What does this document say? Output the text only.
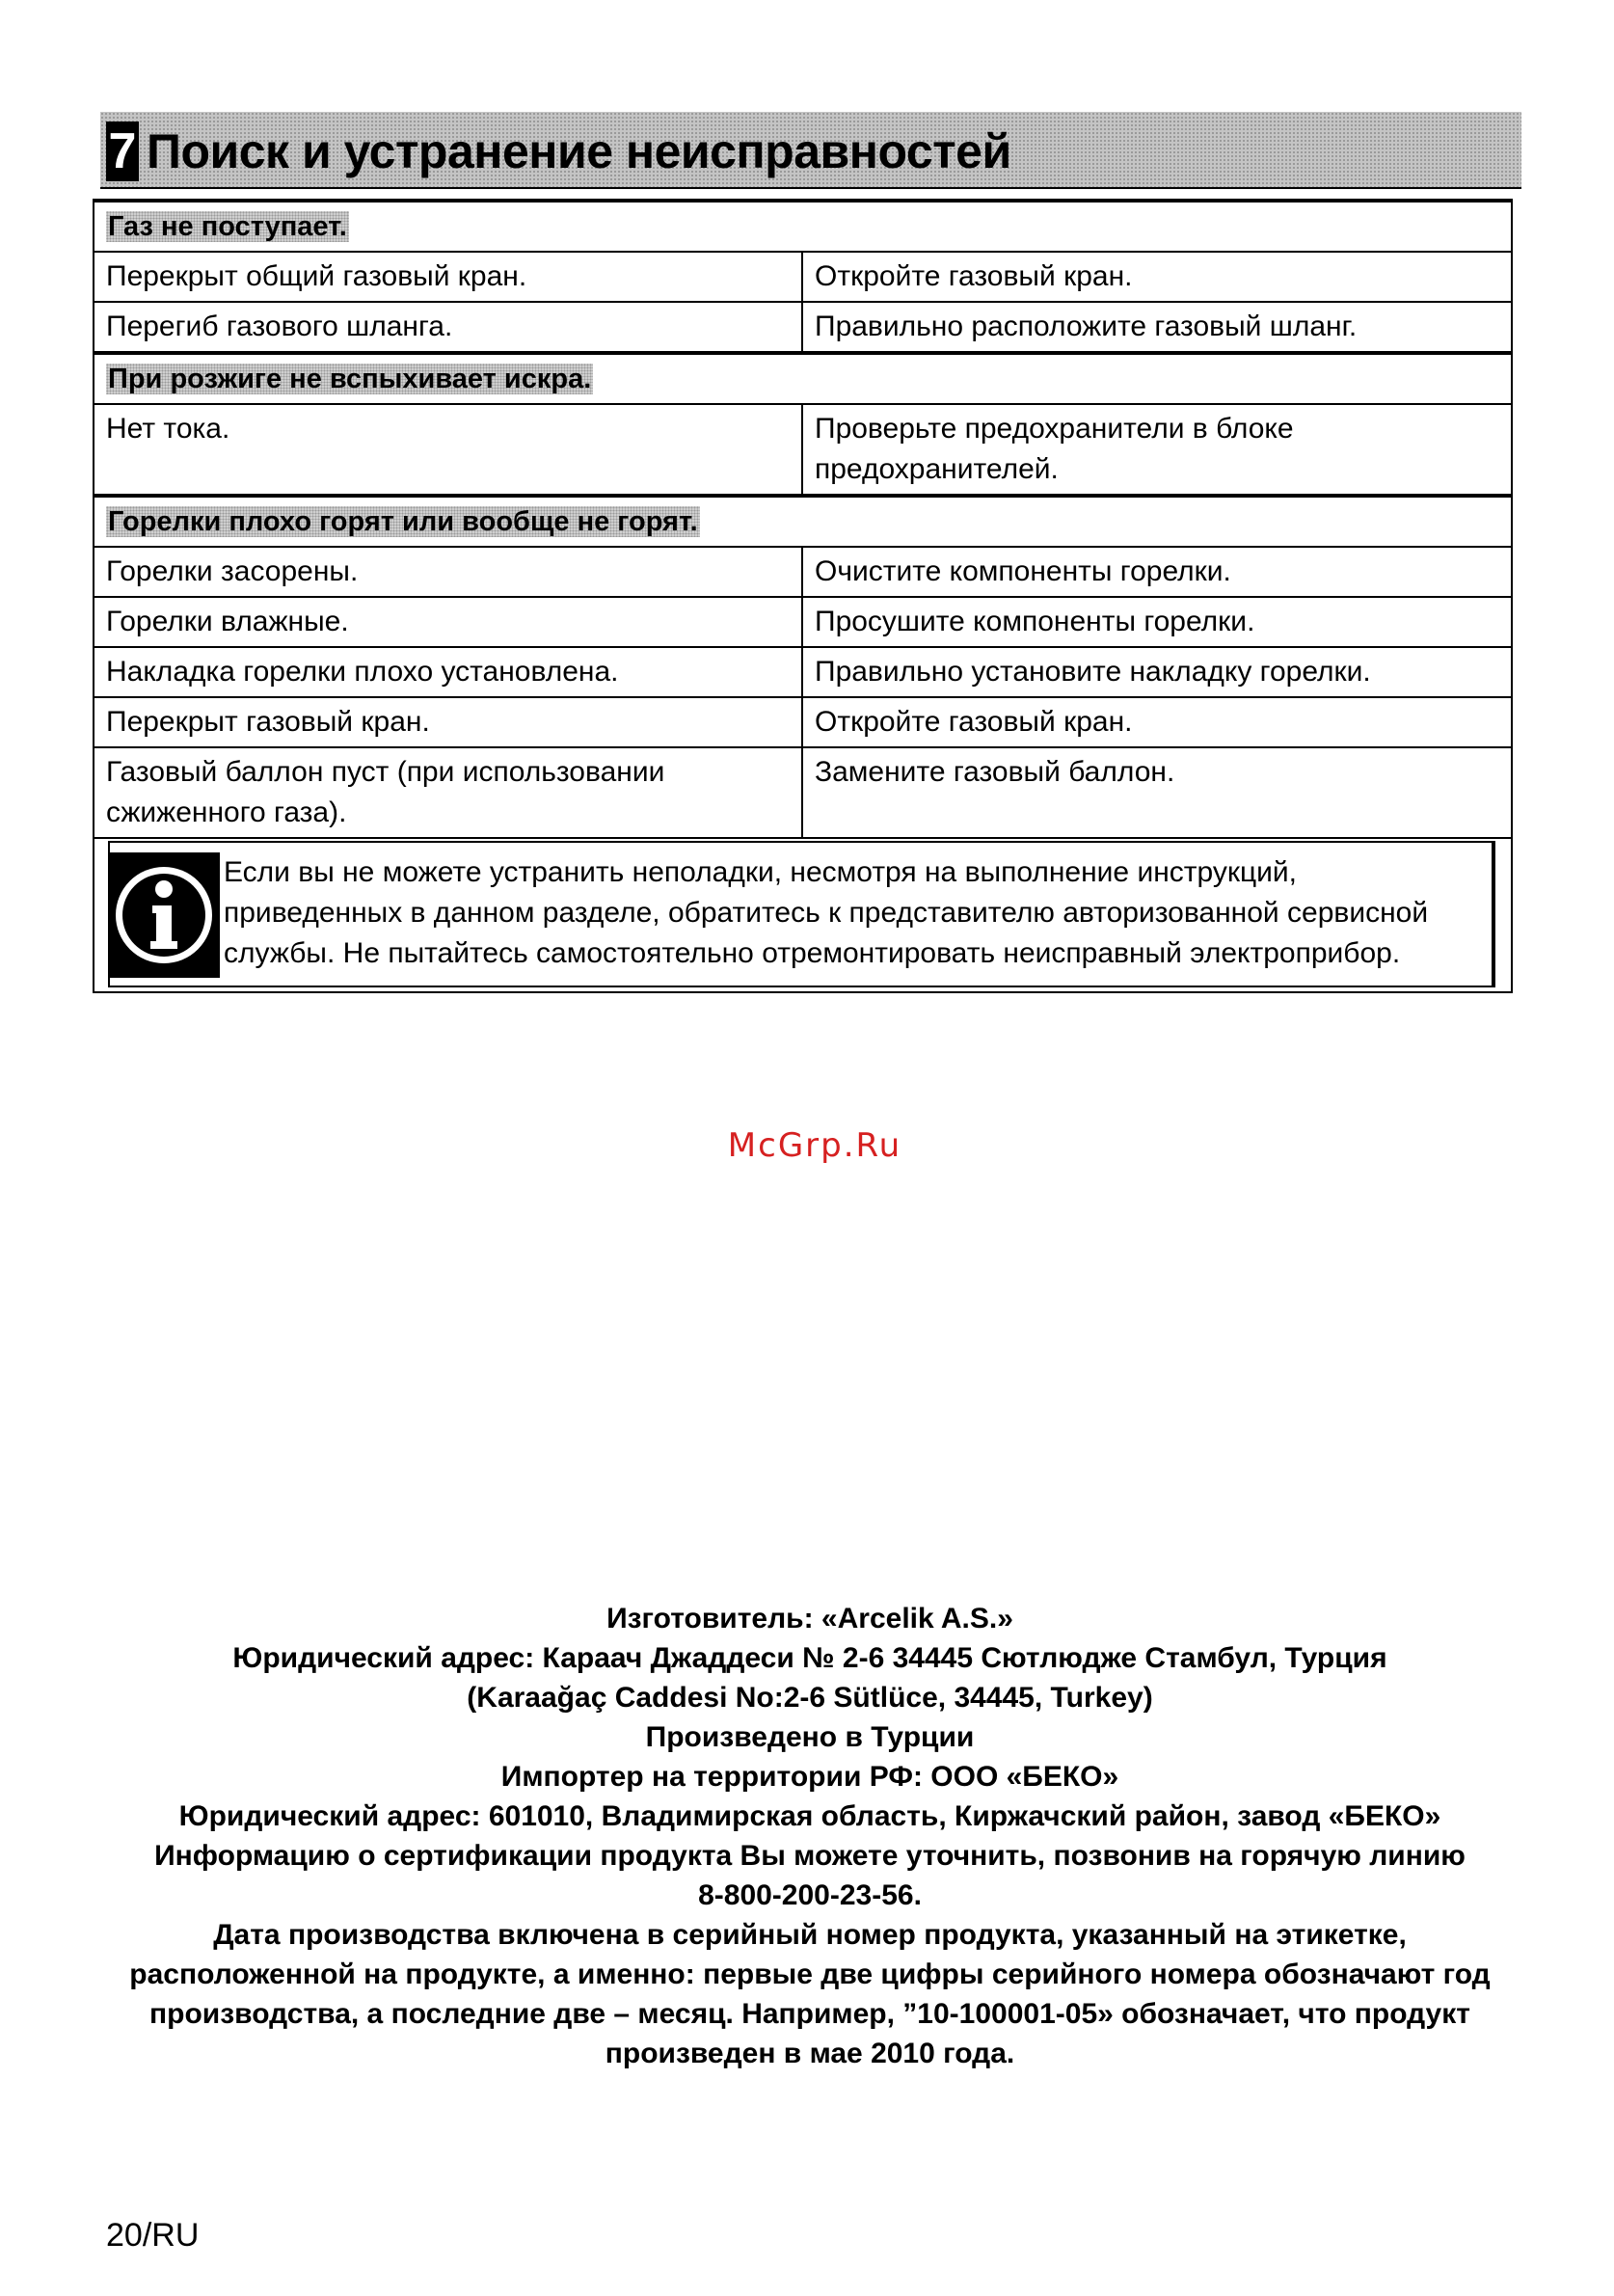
7 Поиск и устранение неисправностей
Газ не поступает.	
Перекрыт общий газовый кран.	Откройте газовый кран.
Перегиб газового шланга.	Правильно расположите газовый шланг.
При розжиге не вспыхивает искра.	
Нет тока.	Проверьте предохранители в блоке предохранителей.
Горелки плохо горят или вообще не горят.	
Горелки засорены.	Очистите компоненты горелки.
Горелки влажные.	Просушите компоненты горелки.
Накладка горелки плохо установлена.	Правильно установите накладку горелки.
Перекрыт газовый кран.	Откройте газовый кран.
Газовый баллон пуст (при использовании сжиженного газа).	Замените газовый баллон.

Если вы не можете устранить неполадки, несмотря на выполнение инструкций, приведенных в данном разделе, обратитесь к представителю авторизованной сервисной службы. Не пытайтесь самостоятельно отремонтировать неисправный электроприбор.	
McGrp.Ru
Изготовитель: «Arcelik A.S.»
Юридический адрес: Караач Джаддеси № 2-6 34445 Сютлюдже Стамбул, Турция
(Karaağaç Caddesi No:2-6 Sütlüce, 34445, Turkey)
Произведено в Турции
Импортер на территории РФ: ООО «БЕКО»
Юридический адрес: 601010, Владимирская область, Киржачский район, завод «БЕКО»
Информацию о сертификации продукта Вы можете уточнить, позвонив на горячую линию
8-800-200-23-56.
Дата производства включена в серийный номер продукта, указанный на этикетке, расположенной на продукте, а именно: первые две цифры серийного номера обозначают год производства, а последние две – месяц. Например, ”10-100001-05» обозначает, что продукт произведен в мае 2010 года.
20/RU
